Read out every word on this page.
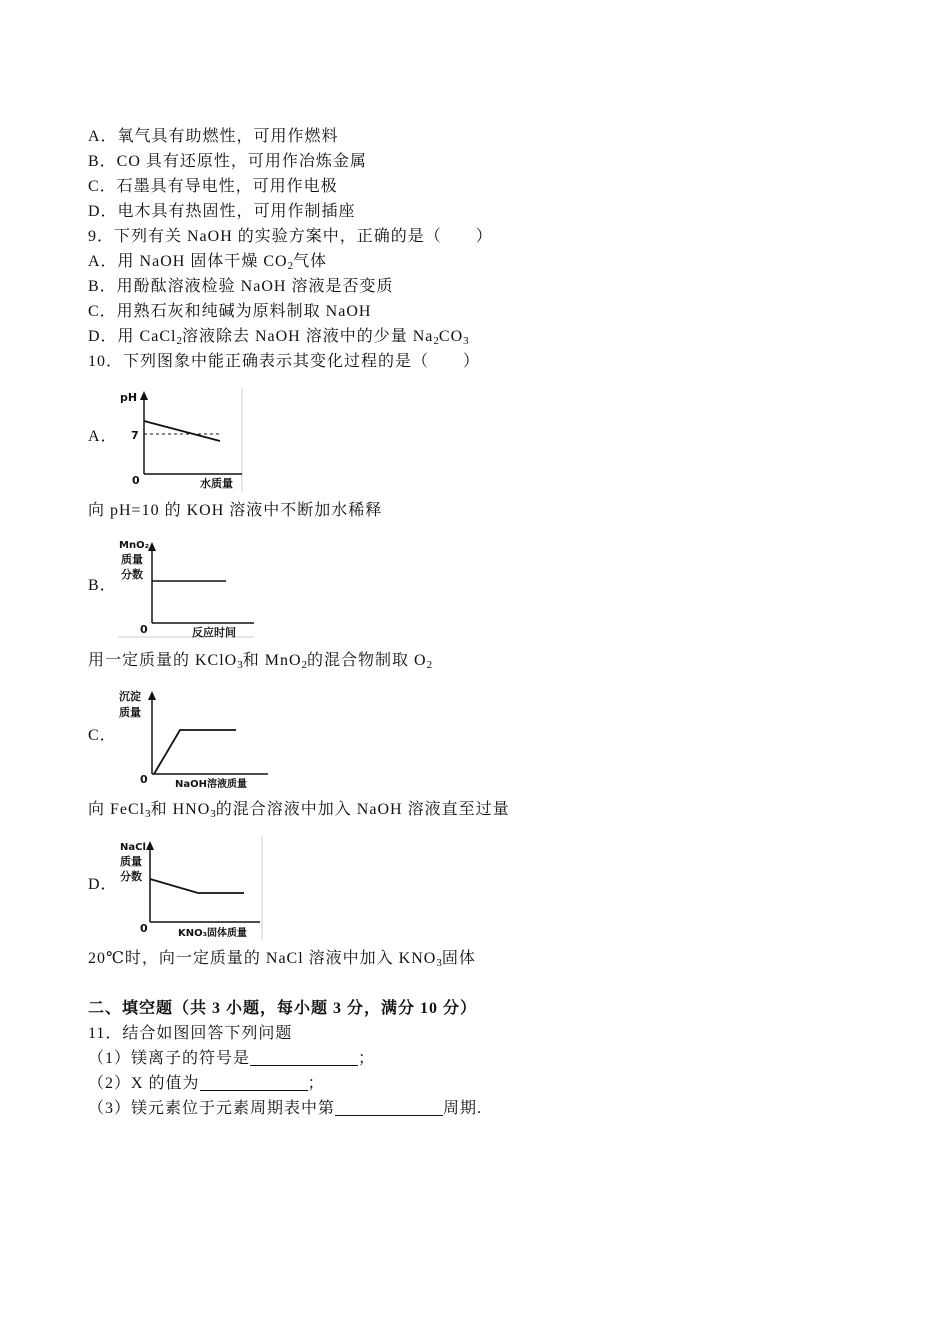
A．氧气具有助燃性，可用作燃料
B．CO 具有还原性，可用作冶炼金属
C．石墨具有导电性，可用作电极
D．电木具有热固性，可用作制插座
9．下列有关 NaOH 的实验方案中，正确的是（　　）
A．用 NaOH 固体干燥 $CO_2$气体
B．用酚酞溶液检验 NaOH 溶液是否变质
C．用熟石灰和纯碱为原料制取 NaOH
D．用 CaCl$_2$溶液除去 NaOH 溶液中的少量 $Na_2CO_3$
10．下列图象中能正确表示其变化过程的是（　　）
A．
pH
7
0	水质量
向 pH=10 的 KOH 溶液中不断加水稀释
B．
MnO₂
质量
分数
0	反应时间
用一定质量的 KClO$_3$和 MnO$_2$的混合物制取 $O_2$
C．
沉淀
质量
0	NaOH溶液质量
向 FeCl$_3$和 $HNO_3$的混合溶液中加入 NaOH 溶液直至过量
D．
NaCl
质量
分数
0	KNO₃固体质量
20℃时，向一定质量的 NaCl 溶液中加入 $KNO_3$固体
二、填空题（共 3 小题，每小题 3 分，满分 10 分）
11．结合如图回答下列问题
（1）镁离子的符号是	；
（2）X 的值为	；
（3）镁元素位于元素周期表中第	周期.
